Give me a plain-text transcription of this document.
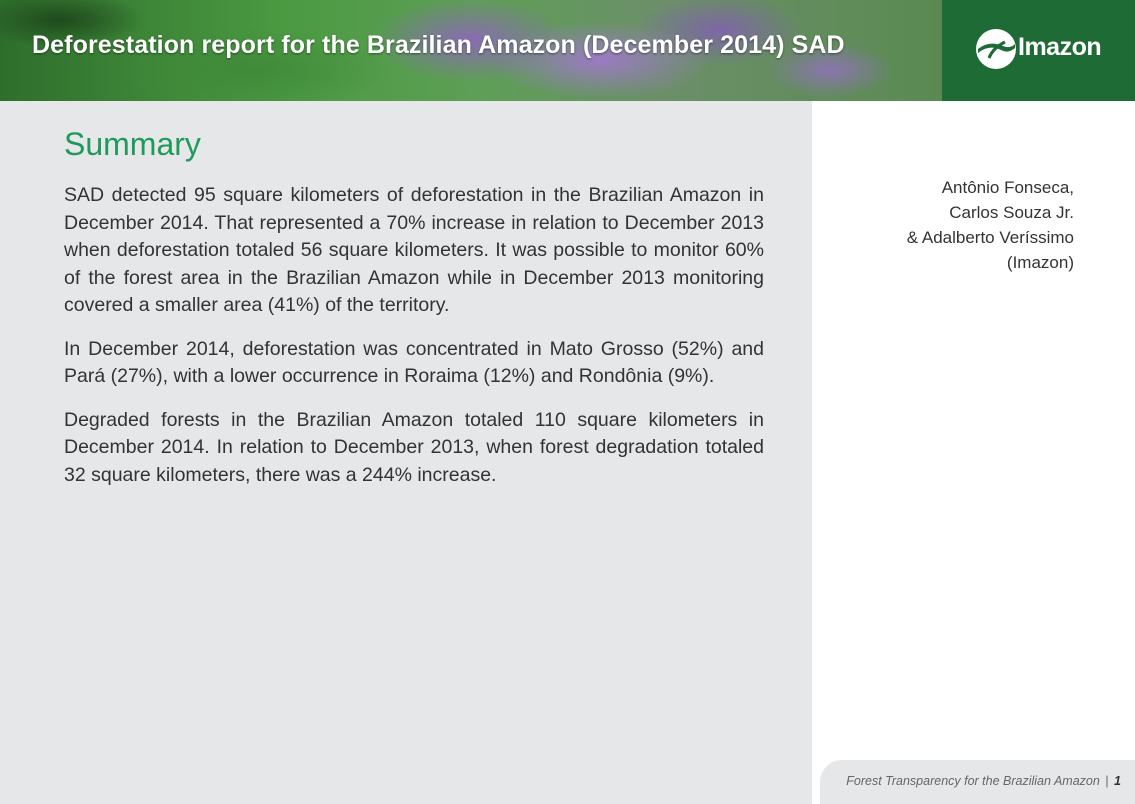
Deforestation report for the Brazilian Amazon (December 2014) SAD	Imazon
Summary

SAD detected 95 square kilometers of deforestation in the Brazilian Amazon in December 2014. That represented a 70% increase in relation to December 2013 when deforestation totaled 56 square kilometers. It was possible to monitor 60% of the forest area in the Brazilian Amazon while in December 2013 monitoring covered a smaller area (41%) of the territory.

In December 2014, deforestation was concentrated in Mato Grosso (52%) and Pará (27%), with a lower occurrence in Roraima (12%) and Rondônia (9%).

Degraded forests in the Brazilian Amazon totaled 110 square kilometers in December 2014. In relation to December 2013, when forest degradation totaled 32 square kilometers, there was a 244% increase.

Antônio Fonseca,
Carlos Souza Jr.
& Adalberto Veríssimo
(Imazon)
Forest Transparency for the Brazilian Amazon | 1
